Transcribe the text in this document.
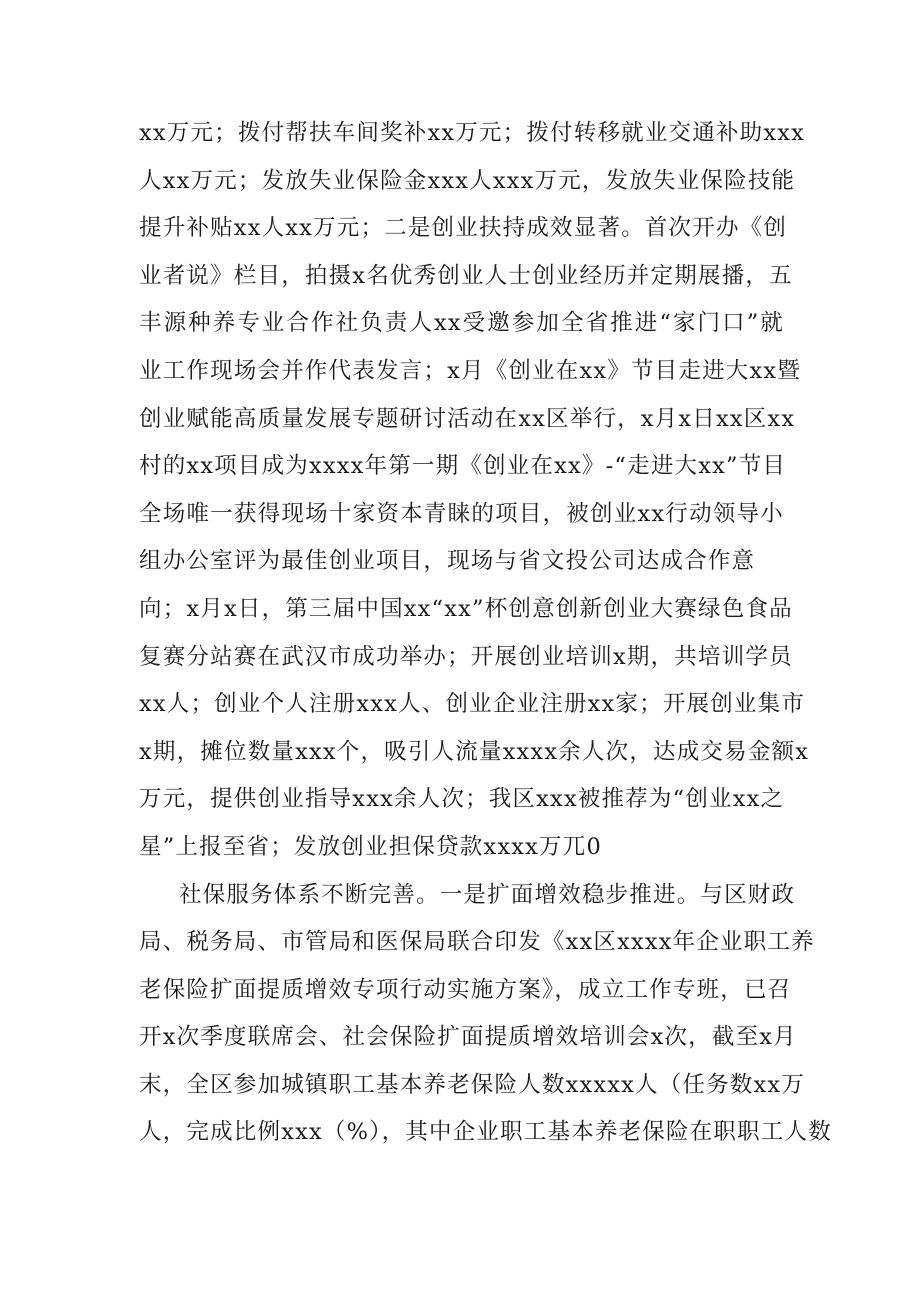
xx万元；拨付帮扶车间奖补xx万元；拨付转移就业交通补助xxx
人xx万元；发放失业保险金xxx人xxx万元，发放失业保险技能
提升补贴xx人xx万元；二是创业扶持成效显著。首次开办《创
业者说》栏目，拍摄x名优秀创业人士创业经历并定期展播，五
丰源种养专业合作社负责人xx受邀参加全省推进“家门口”就
业工作现场会并作代表发言；x月《创业在xx》节目走进大xx暨
创业赋能高质量发展专题研讨活动在xx区举行，x月x日xx区xx
村的xx项目成为xxxx年第一期《创业在xx》-“走进大xx”节目
全场唯一获得现场十家资本青睐的项目，被创业xx行动领导小
组办公室评为最佳创业项目，现场与省文投公司达成合作意
向；x月x日，第三届中国xx“xx”杯创意创新创业大赛绿色食品
复赛分站赛在武汉市成功举办；开展创业培训x期，共培训学员
xx人；创业个人注册xxx人、创业企业注册xx家；开展创业集市
x期，摊位数量xxx个，吸引人流量xxxx余人次，达成交易金额x
万元，提供创业指导xxx余人次；我区xxx被推荐为“创业xx之
星”上报至省；发放创业担保贷款xxxx万兀0
社保服务体系不断完善。一是扩面增效稳步推进。与区财政
局、税务局、市管局和医保局联合印发《xx区xxxx年企业职工养
老保险扩面提质增效专项行动实施方案》，成立工作专班，已召
开x次季度联席会、社会保险扩面提质增效培训会x次，截至x月
末，全区参加城镇职工基本养老保险人数xxxxx人（任务数xx万
人，完成比例xxx（%），其中企业职工基本养老保险在职职工人数
